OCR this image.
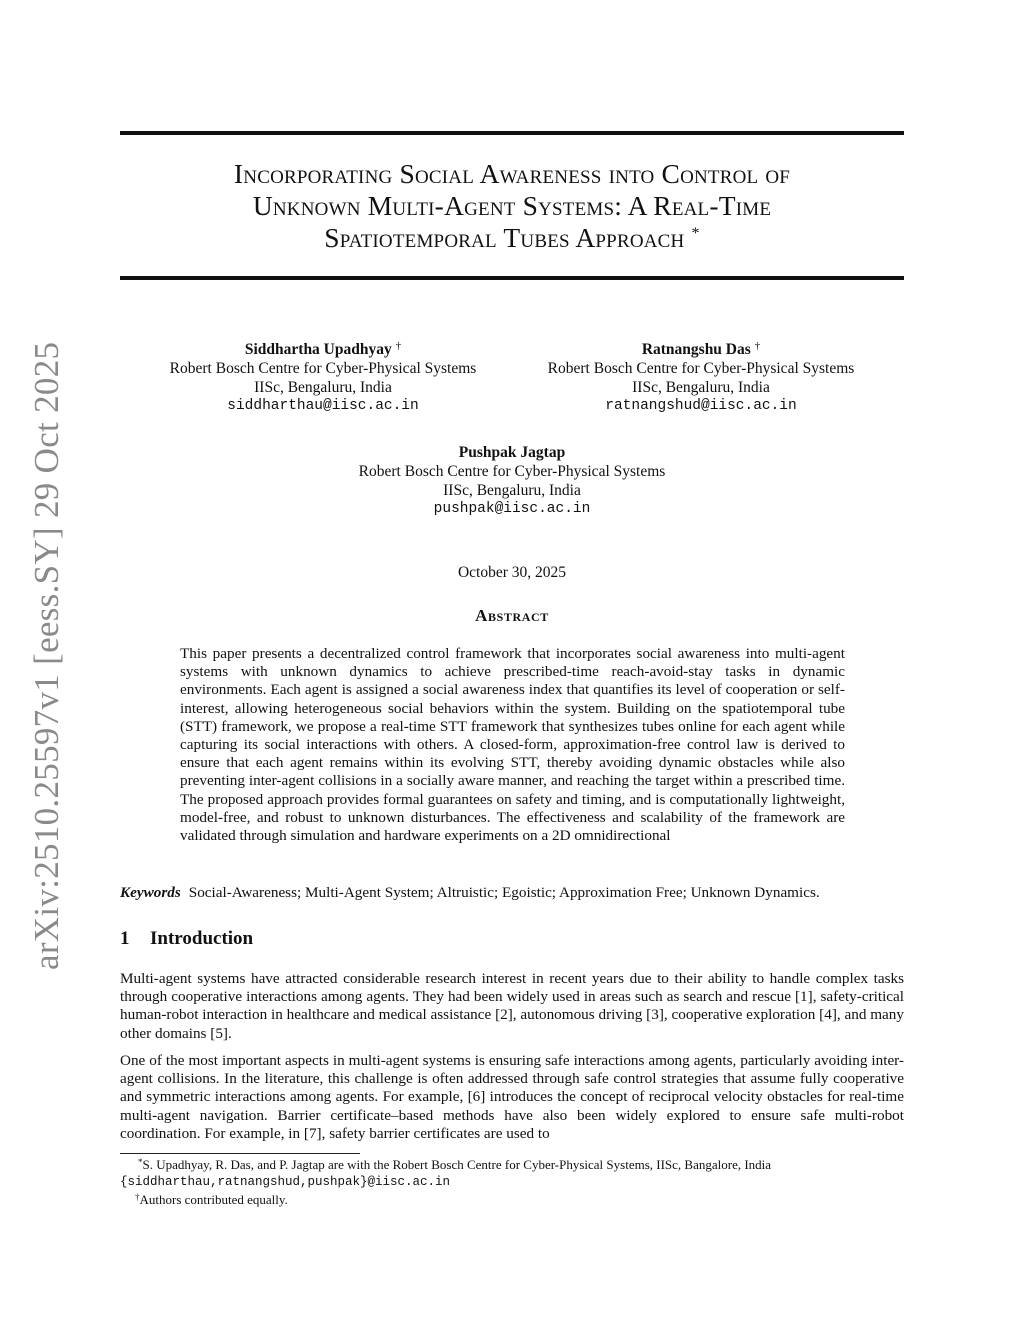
arXiv:2510.25597v1 [eess.SY] 29 Oct 2025
Incorporating Social Awareness into Control of
Unknown Multi-Agent Systems: A Real-Time
Spatiotemporal Tubes Approach *
Siddhartha Upadhyay †
Robert Bosch Centre for Cyber-Physical Systems
IISc, Bengaluru, India
siddharthau@iisc.ac.in
Ratnangshu Das †
Robert Bosch Centre for Cyber-Physical Systems
IISc, Bengaluru, India
ratnangshud@iisc.ac.in
Pushpak Jagtap
Robert Bosch Centre for Cyber-Physical Systems
IISc, Bengaluru, India
pushpak@iisc.ac.in
October 30, 2025
Abstract
This paper presents a decentralized control framework that incorporates social awareness into multi-agent systems with unknown dynamics to achieve prescribed-time reach-avoid-stay tasks in dynamic environments. Each agent is assigned a social awareness index that quantifies its level of cooperation or self-interest, allowing heterogeneous social behaviors within the system. Building on the spatiotemporal tube (STT) framework, we propose a real-time STT framework that synthesizes tubes online for each agent while capturing its social interactions with others. A closed-form, approximation-free control law is derived to ensure that each agent remains within its evolving STT, thereby avoiding dynamic obstacles while also preventing inter-agent collisions in a socially aware manner, and reaching the target within a prescribed time. The proposed approach provides formal guarantees on safety and timing, and is computationally lightweight, model-free, and robust to unknown disturbances. The effectiveness and scalability of the framework are validated through simulation and hardware experiments on a 2D omnidirectional
Keywords Social-Awareness; Multi-Agent System; Altruistic; Egoistic; Approximation Free; Unknown Dynamics.
1 Introduction
Multi-agent systems have attracted considerable research interest in recent years due to their ability to handle complex tasks through cooperative interactions among agents. They had been widely used in areas such as search and rescue [1], safety-critical human-robot interaction in healthcare and medical assistance [2], autonomous driving [3], cooperative exploration [4], and many other domains [5].
One of the most important aspects in multi-agent systems is ensuring safe interactions among agents, particularly avoiding inter-agent collisions. In the literature, this challenge is often addressed through safe control strategies that assume fully cooperative and symmetric interactions among agents. For example, [6] introduces the concept of reciprocal velocity obstacles for real-time multi-agent navigation. Barrier certificate–based methods have also been widely explored to ensure safe multi-robot coordination. For example, in [7], safety barrier certificates are used to
*S. Upadhyay, R. Das, and P. Jagtap are with the Robert Bosch Centre for Cyber-Physical Systems, IISc, Bangalore, India
{siddharthau,ratnangshud,pushpak}@iisc.ac.in
†Authors contributed equally.
